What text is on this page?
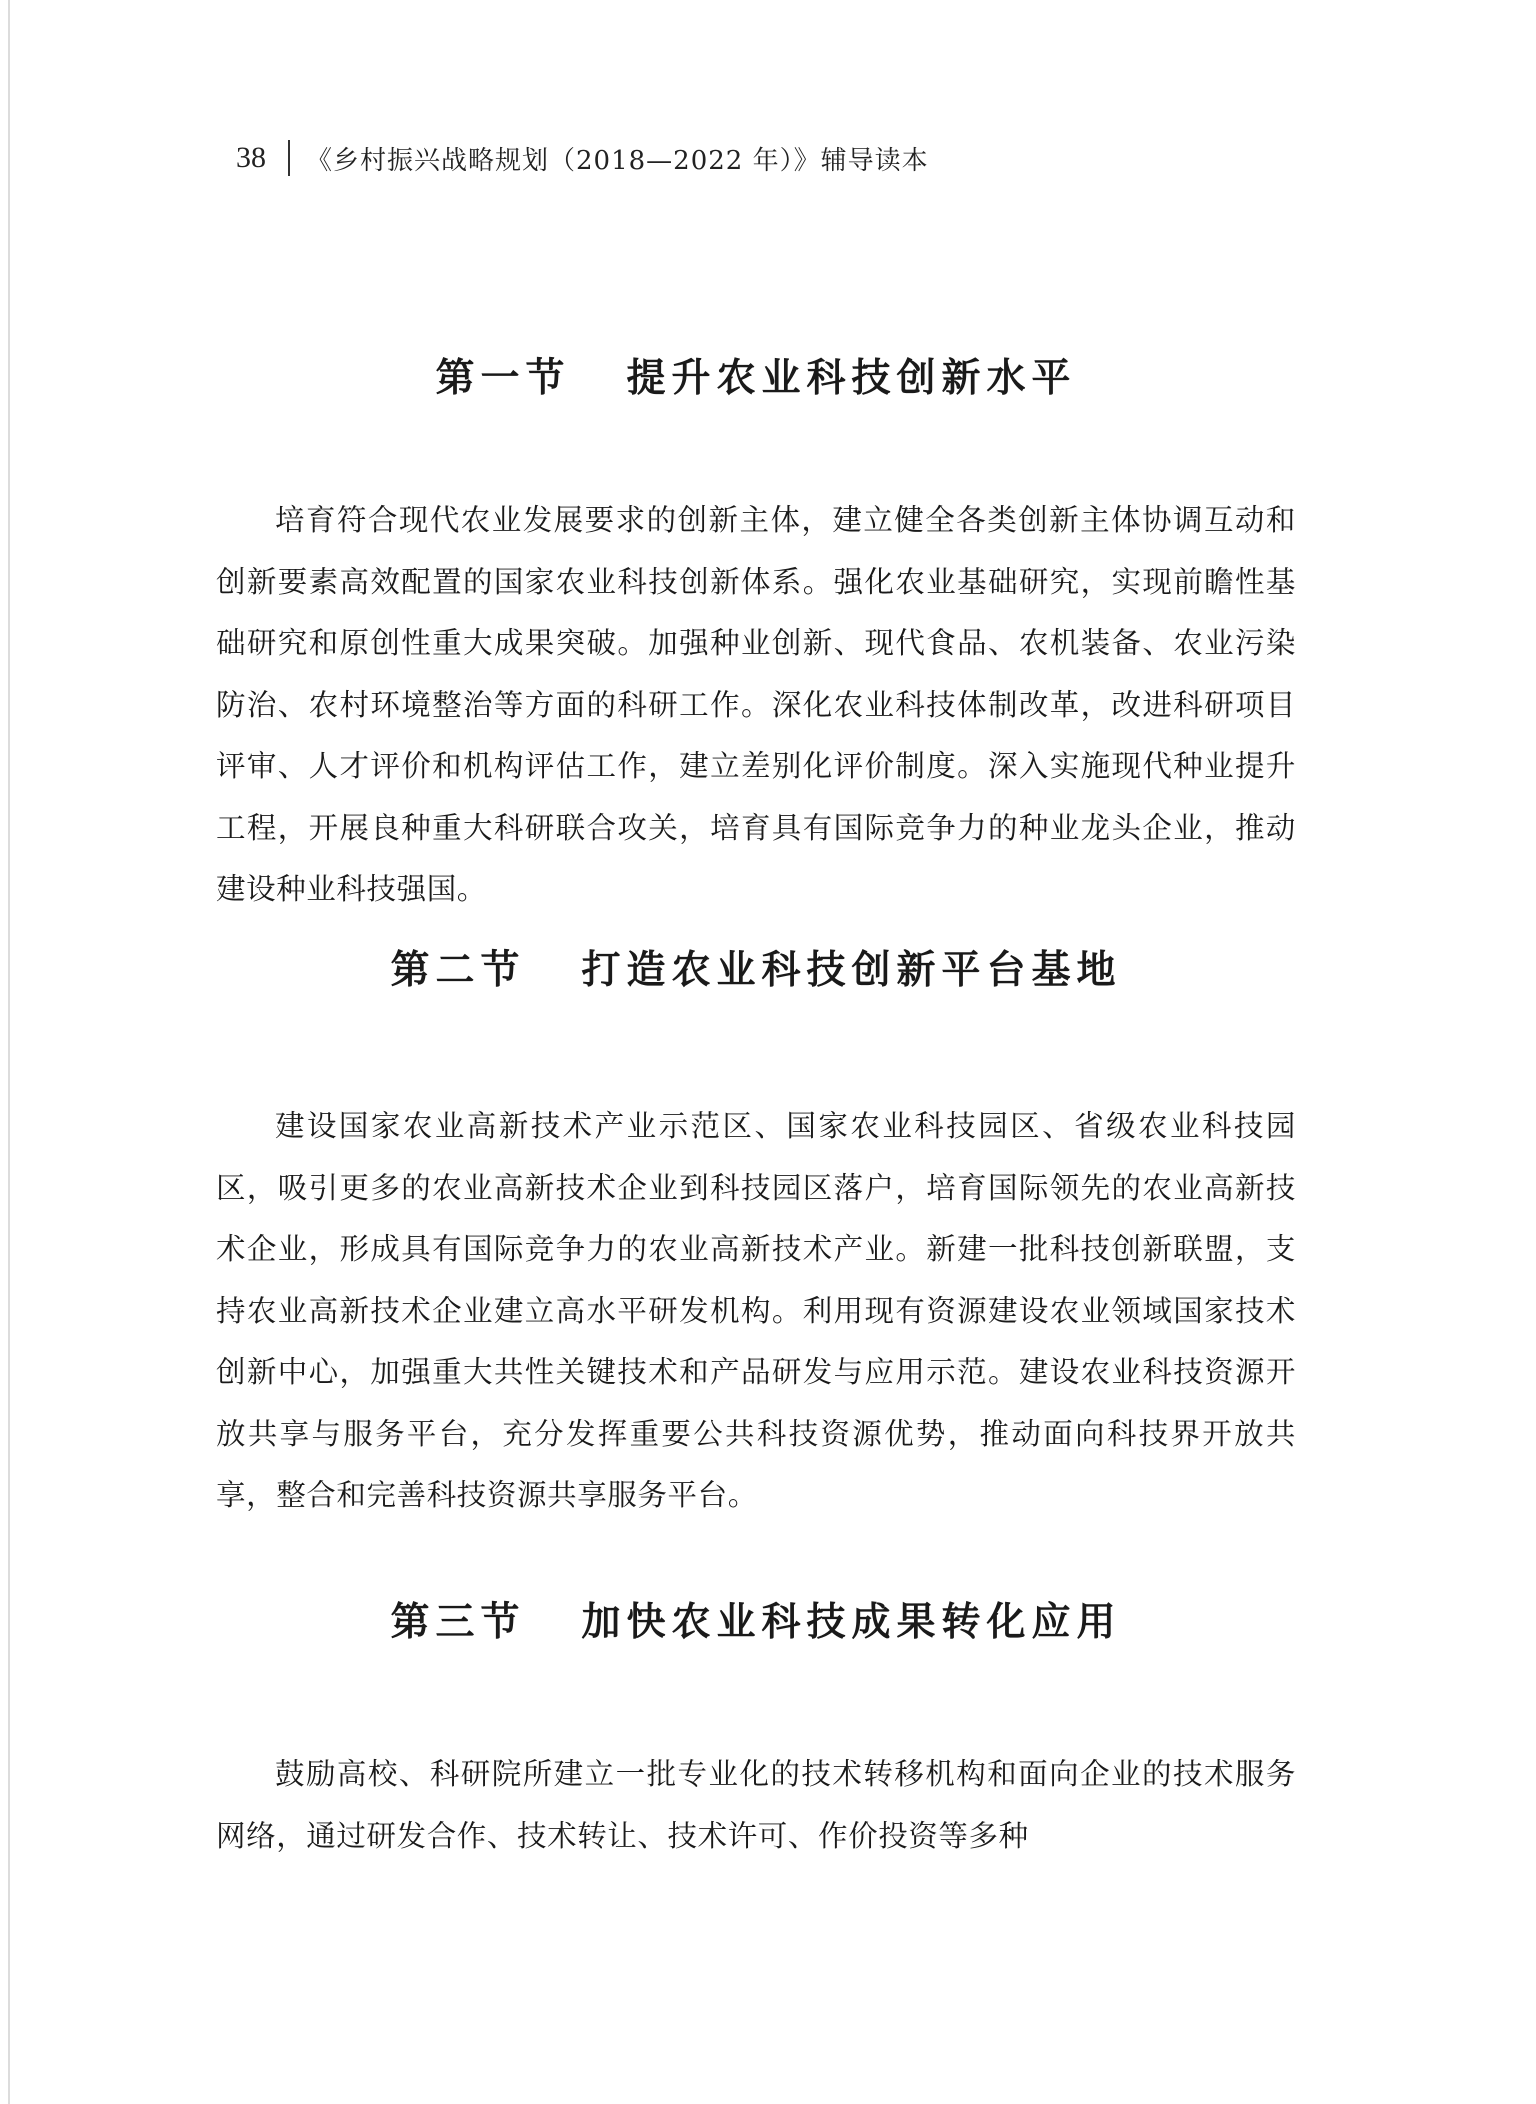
38 《乡村振兴战略规划（2018—2022 年）》辅导读本
第一节 提升农业科技创新水平

培育符合现代农业发展要求的创新主体，建立健全各类创新主体协调互动和创新要素高效配置的国家农业科技创新体系。强化农业基础研究，实现前瞻性基础研究和原创性重大成果突破。加强种业创新、现代食品、农机装备、农业污染防治、农村环境整治等方面的科研工作。深化农业科技体制改革，改进科研项目评审、人才评价和机构评估工作，建立差别化评价制度。深入实施现代种业提升工程，开展良种重大科研联合攻关，培育具有国际竞争力的种业龙头企业，推动建设种业科技强国。

第二节 打造农业科技创新平台基地

建设国家农业高新技术产业示范区、国家农业科技园区、省级农业科技园区，吸引更多的农业高新技术企业到科技园区落户，培育国际领先的农业高新技术企业，形成具有国际竞争力的农业高新技术产业。新建一批科技创新联盟，支持农业高新技术企业建立高水平研发机构。利用现有资源建设农业领域国家技术创新中心，加强重大共性关键技术和产品研发与应用示范。建设农业科技资源开放共享与服务平台，充分发挥重要公共科技资源优势，推动面向科技界开放共享，整合和完善科技资源共享服务平台。

第三节 加快农业科技成果转化应用

鼓励高校、科研院所建立一批专业化的技术转移机构和面向企业的技术服务网络，通过研发合作、技术转让、技术许可、作价投资等多种
